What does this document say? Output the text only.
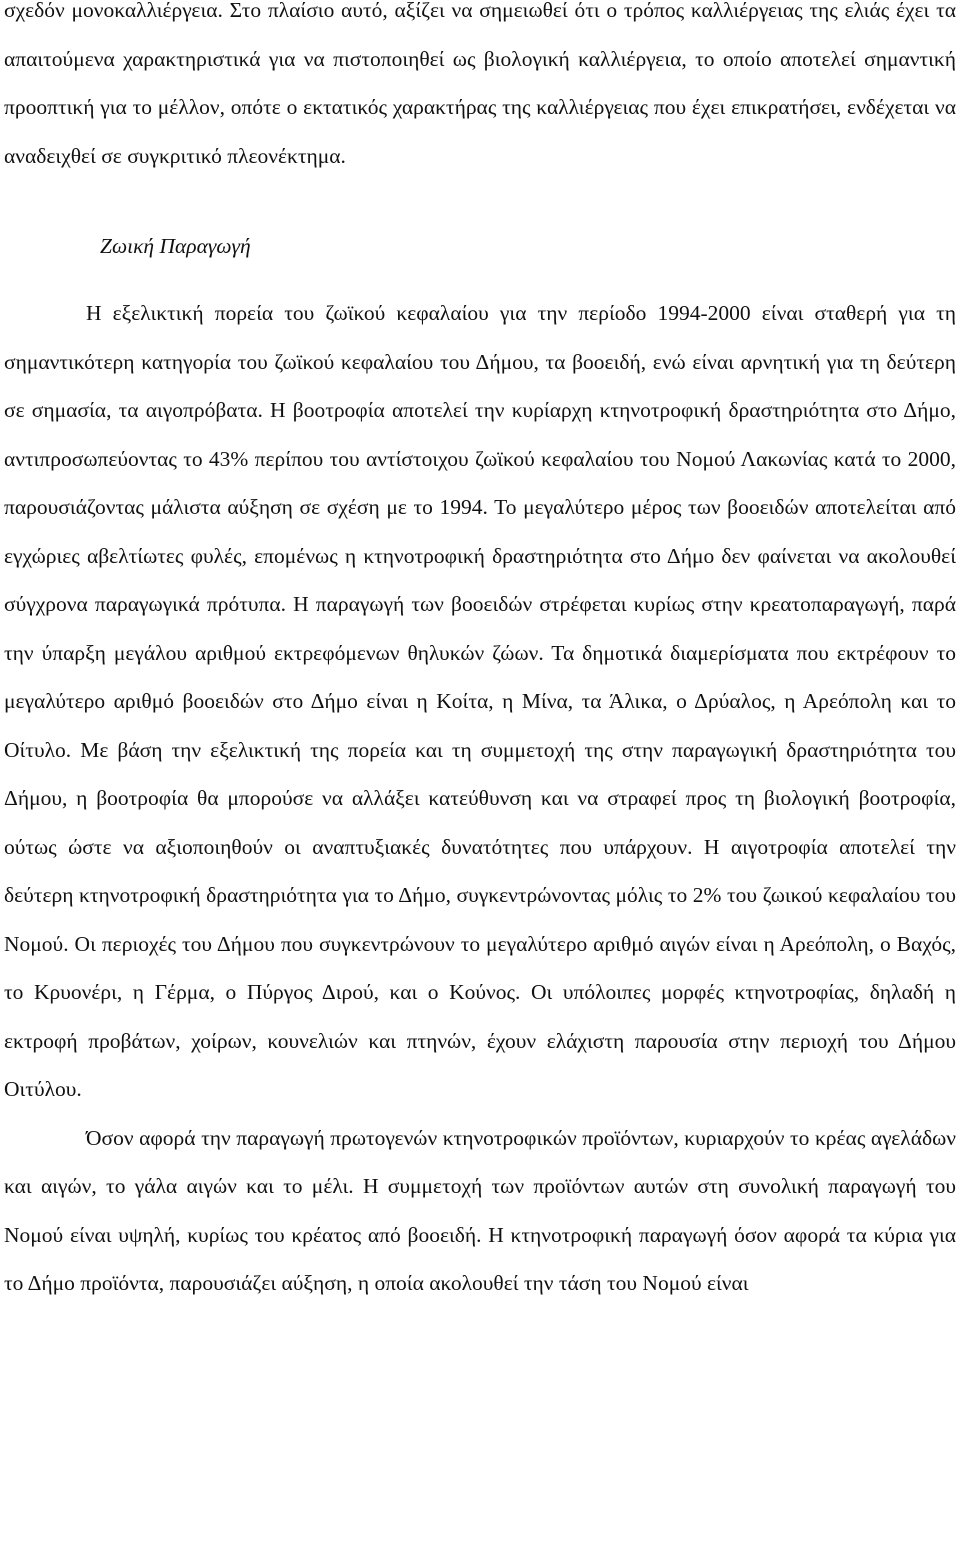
σχεδόν μονοκαλλιέργεια. Στο πλαίσιο αυτό, αξίζει να σημειωθεί ότι ο τρόπος καλλιέργειας της ελιάς έχει τα απαιτούμενα χαρακτηριστικά για να πιστοποιηθεί ως βιολογική καλλιέργεια, το οποίο αποτελεί σημαντική προοπτική για το μέλλον, οπότε ο εκτατικός χαρακτήρας της καλλιέργειας που έχει επικρατήσει, ενδέχεται να αναδειχθεί σε συγκριτικό πλεονέκτημα.

Ζωική Παραγωγή

Η εξελικτική πορεία του ζωϊκού κεφαλαίου για την περίοδο 1994-2000 είναι σταθερή για τη σημαντικότερη κατηγορία του ζωϊκού κεφαλαίου του Δήμου, τα βοοειδή, ενώ είναι αρνητική για τη δεύτερη σε σημασία, τα αιγοπρόβατα. Η βοοτροφία αποτελεί την κυρίαρχη κτηνοτροφική δραστηριότητα στο Δήμο, αντιπροσωπεύοντας το 43% περίπου του αντίστοιχου ζωϊκού κεφαλαίου του Νομού Λακωνίας κατά το 2000, παρουσιάζοντας μάλιστα αύξηση σε σχέση με το 1994. Το μεγαλύτερο μέρος των βοοειδών αποτελείται από εγχώριες αβελτίωτες φυλές, επομένως η κτηνοτροφική δραστηριότητα στο Δήμο δεν φαίνεται να ακολουθεί σύγχρονα παραγωγικά πρότυπα. Η παραγωγή των βοοειδών στρέφεται κυρίως στην κρεατοπαραγωγή, παρά την ύπαρξη μεγάλου αριθμού εκτρεφόμενων θηλυκών ζώων. Τα δημοτικά διαμερίσματα που εκτρέφουν το μεγαλύτερο αριθμό βοοειδών στο Δήμο είναι η Κοίτα, η Μίνα, τα Άλικα, ο Δρύαλος, η Αρεόπολη και το Οίτυλο. Με βάση την εξελικτική της πορεία και τη συμμετοχή της στην παραγωγική δραστηριότητα του Δήμου, η βοοτροφία θα μπορούσε να αλλάξει κατεύθυνση και να στραφεί προς τη βιολογική βοοτροφία, ούτως ώστε να αξιοποιηθούν οι αναπτυξιακές δυνατότητες που υπάρχουν. Η αιγοτροφία αποτελεί την δεύτερη κτηνοτροφική δραστηριότητα για το Δήμο, συγκεντρώνοντας μόλις το 2% του ζωικού κεφαλαίου του Νομού. Οι περιοχές του Δήμου που συγκεντρώνουν το μεγαλύτερο αριθμό αιγών είναι η Αρεόπολη, ο Βαχός, το Κρυονέρι, η Γέρμα, ο Πύργος Διρού, και ο Κούνος. Οι υπόλοιπες μορφές κτηνοτροφίας, δηλαδή η εκτροφή προβάτων, χοίρων, κουνελιών και πτηνών, έχουν ελάχιστη παρουσία στην περιοχή του Δήμου Οιτύλου.

Όσον αφορά την παραγωγή πρωτογενών κτηνοτροφικών προϊόντων, κυριαρχούν το κρέας αγελάδων και αιγών, το γάλα αιγών και το μέλι. Η συμμετοχή των προϊόντων αυτών στη συνολική παραγωγή του Νομού είναι υψηλή, κυρίως του κρέατος από βοοειδή. Η κτηνοτροφική παραγωγή όσον αφορά τα κύρια για το Δήμο προϊόντα, παρουσιάζει αύξηση, η οποία ακολουθεί την τάση του Νομού είναι
